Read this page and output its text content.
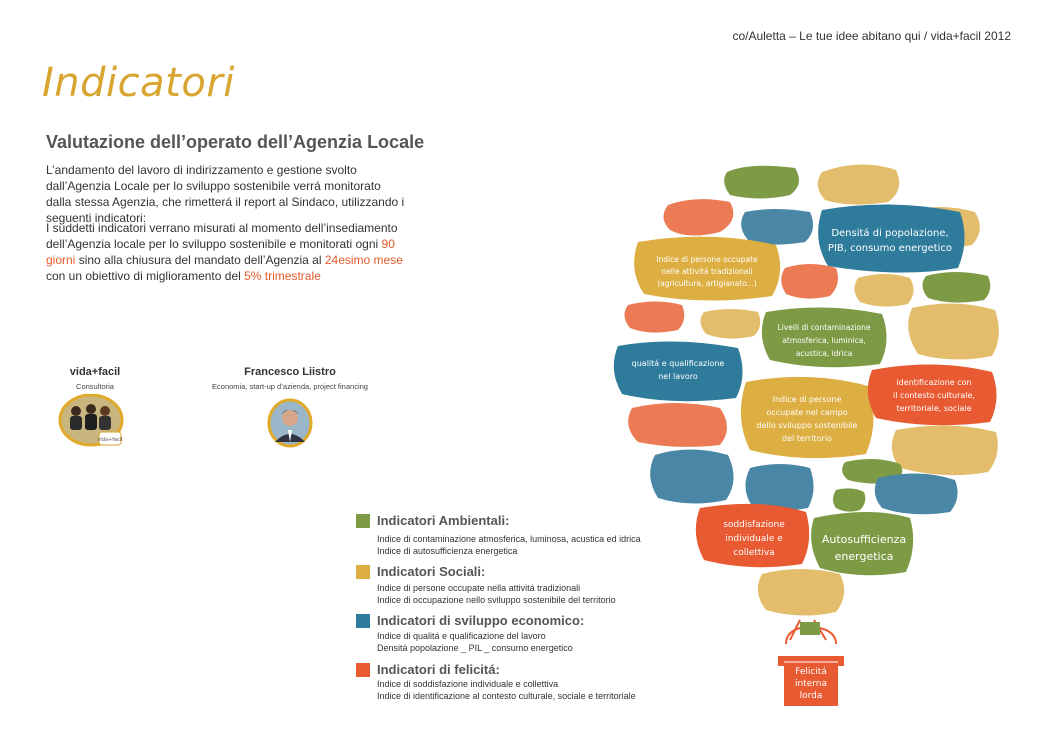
co/Auletta – Le tue idee abitano qui / vida+facil 2012
Indicatori
Valutazione dell’operato dell’Agenzia Locale
L’andamento del lavoro di indirizzamento e gestione svolto dall’Agenzia Locale per lo sviluppo sostenibile verrá monitorato dalla stessa Agenzia, che rimetterá il report al Sindaco, utilizzando i seguenti indicatori:
I suddetti indicatori verrano misurati al momento dell’insediamento dell’Agenzia locale per lo sviluppo sostenibile e monitorati ogni 90 giorni sino alla chiusura del mandato dell’Agenzia al 24esimo mese con un obiettivo di miglioramento del 5% trimestrale
vida+facil
Consultoria
vida+facil
Francesco Liistro
Economia, start-up d’azienda, project financing
Indicatori Ambientali:
Indice di contaminazione atmosferica, luminosa, acustica ed idrica
Indice di autosufficienza energetica
Indicatori Sociali:
Indice di persone occupate nella attivitá tradizionali
Indice di occupazione nello sviluppo sostenibile del territorio
Indicatori di sviluppo economico:
Indice di qualitá e qualificazione del lavoro
Densitá popolazione _ PIL _ consumo energetico
Indicatori di felicitá:
Indice di soddisfazione individuale e collettiva
Indice di identificazione al contesto culturale, sociale e territoriale
Densitá di popolazione,
PIB, consumo energetico
Indice di persone occupate
nelle attivitá tradizionali
(agricultura, artigianato...)
Livelli di contaminazione
atmosferica, luminica,
acustica, idrica
qualitá e qualificazione
nel lavoro
Indice di persone
occupate nel campo
dello sviluppo sostenibile
del territorio
identificazione con
il contesto culturale,
territoriale, sociale
soddisfazione
individuale e
collettiva
Autosufficienza
energetica
Felicitá
interna
lorda
